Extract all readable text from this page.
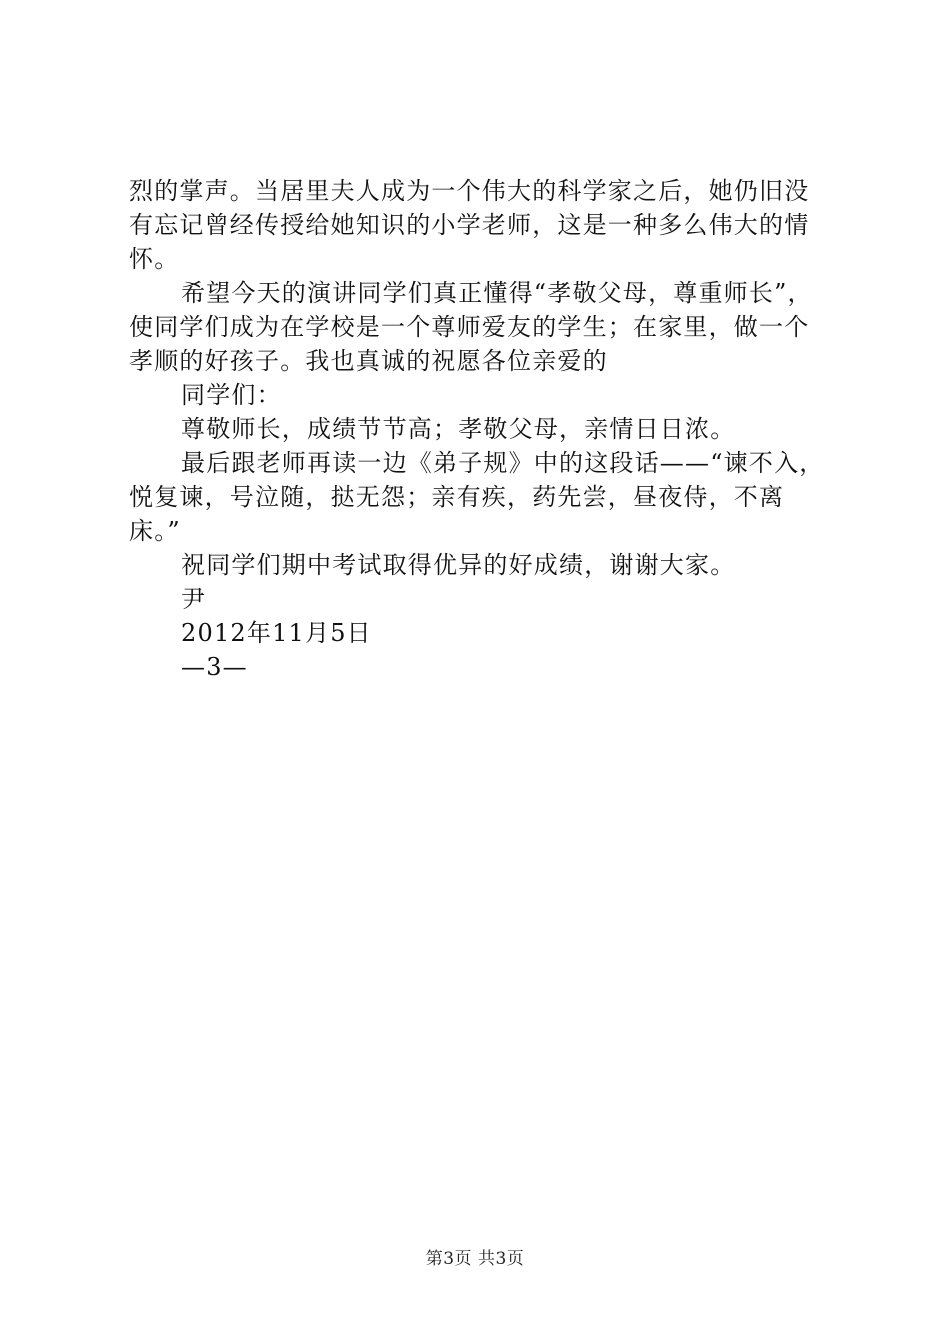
烈的掌声。当居里夫人成为一个伟大的科学家之后，她仍旧没
有忘记曾经传授给她知识的小学老师，这是一种多么伟大的情
怀。
希望今天的演讲同学们真正懂得“孝敬父母，尊重师长”，
使同学们成为在学校是一个尊师爱友的学生；在家里，做一个
孝顺的好孩子。我也真诚的祝愿各位亲爱的
同学们：
尊敬师长，成绩节节高；孝敬父母，亲情日日浓。
最后跟老师再读一边《弟子规》中的这段话——“谏不入，
悦复谏，号泣随，挞无怨；亲有疾，药先尝，昼夜侍，不离
床。”
祝同学们期中考试取得优异的好成绩，谢谢大家。
尹
2012年11月5日
—3—
第3页 共3页
